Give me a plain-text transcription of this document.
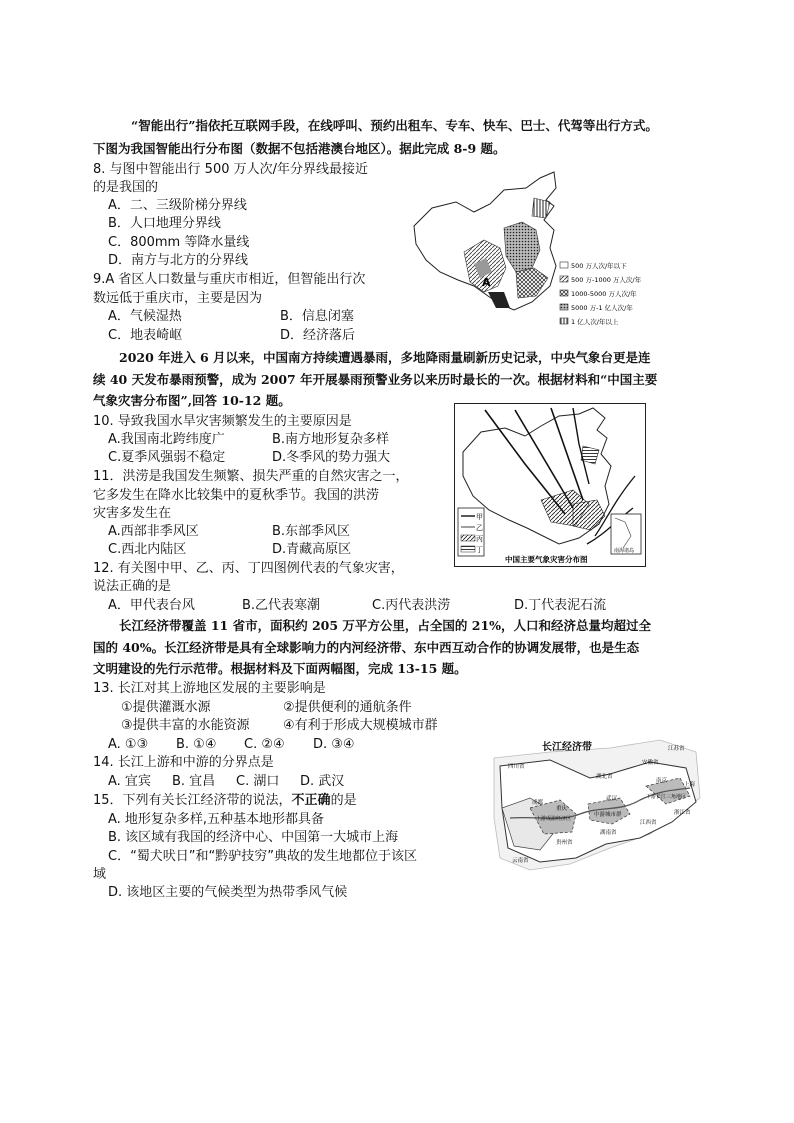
“智能出行”指依托互联网手段，在线呼叫、预约出租车、专车、快车、巴士、代驾等出行方式。
下图为我国智能出行分布图（数据不包括港澳台地区）。据此完成 8-9 题。
8. 与图中智能出行 500 万人次/年分界线最接近
的是我国的
A．二、三级阶梯分界线
B．人口地理分界线
C．800mm 等降水量线
D．南方与北方的分界线
9.A 省区人口数量与重庆市相近，但智能出行次
数远低于重庆市，主要是因为
A．气候湿热	B．信息闭塞
C．地表崎岖	D．经济落后
A
500 万人次/年以下
500 万-1000 万人次/年
1000-5000 万人次/年
5000 万-1 亿人次/年
1 亿人次/年以上
2020 年进入 6 月以来，中国南方持续遭遇暴雨，多地降雨量刷新历史记录，中央气象台更是连
续 40 天发布暴雨预警，成为 2007 年开展暴雨预警业务以来历时最长的一次。根据材料和“中国主要
气象灾害分布图”,回答 10-12 题。
10. 导致我国水旱灾害频繁发生的主要原因是
A.我国南北跨纬度广	B.南方地形复杂多样
C.夏季风强弱不稳定	D.冬季风的势力强大
11．洪涝是我国发生频繁、损失严重的自然灾害之一，
它多发生在降水比较集中的夏秋季节。我国的洪涝
灾害多发生在
A.西部非季风区	B.东部季风区
C.西北内陆区	D.青藏高原区
12. 有关图中甲、乙、丙、丁四图例代表的气象灾害，
说法正确的是
A．甲代表台风	B.乙代表寒潮	C.丙代表洪涝	D.丁代表泥石流
甲
乙
丙
丁	南海诸岛
中国主要气象灾害分布图
长江经济带覆盖 11 省市，面积约 205 万平方公里，占全国的 21%，人口和经济总量均超过全
国的 40%。长江经济带是具有全球影响力的内河经济带、东中西互动合作的协调发展带，也是生态
文明建设的先行示范带。根据材料及下面两幅图，完成 13-15 题。
13. 长江对其上游地区发展的主要影响是
①提供灌溉水源	②提供便利的通航条件
③提供丰富的水能资源	④有利于形成大规模城市群
A. ①③ B. ①④ C. ②④ D. ③④
14. 长江上游和中游的分界点是
A. 宜宾 B. 宜昌 C. 湖口 D. 武汉
15．下列有关长江经济带的说法，不正确的是
A. 地形复杂多样,五种基本地形都具备
B. 该区域有我国的经济中心、中国第一大城市上海
C．“蜀犬吠日”和“黔驴技穷”典故的发生地都位于该区
域
D. 该地区主要的气候类型为热带季风气候
长江经济带	江苏省
安徽省
湖北省
四川省
成都
重庆
南京
上海
武汉
上游成渝经济区
中游城市群
下游长江三角地区
浙江省
江西省
湖南省
贵州省
云南省
